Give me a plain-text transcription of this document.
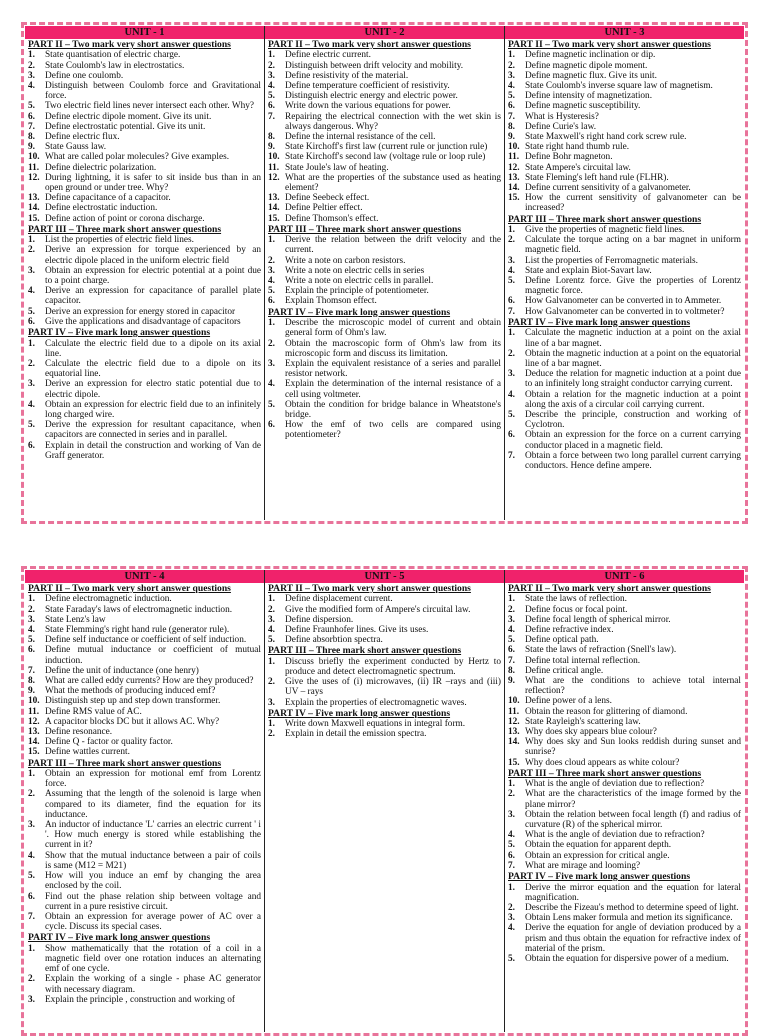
UNIT - 1
PART II – Two mark very short answer questions
1. State quantisation of electric charge.
2. State Coulomb's law in electrostatics.
3. Define one coulomb.
4. Distinguish between Coulomb force and Gravitational force.
5. Two electric field lines never intersect each other. Why?
6. Define electric dipole moment. Give its unit.
7. Define electrostatic potential. Give its unit.
8. Define electric flux.
9. State Gauss law.
10. What are called polar molecules? Give examples.
11. Define dielectric polarization.
12. During lightning, it is safer to sit inside bus than in an open ground or under tree. Why?
13. Define capacitance of a capacitor.
14. Define electrostatic induction.
15. Define action of point or corona discharge.
PART III – Three mark short answer questions
1. List the properties of electric field lines.
2. Derive an expression for torque experienced by an electric dipole placed in the uniform electric field
3. Obtain an expression for electric potential at a point due to a point charge.
4. Derive an expression for capacitance of parallel plate capacitor.
5. Derive an expression for energy stored in capacitor
6. Give the applications and disadvantage of capacitors
PART IV – Five mark long answer questions
1. Calculate the electric field due to a dipole on its axial line.
2. Calculate the electric field due to a dipole on its equatorial line.
3. Derive an expression for electro static potential due to electric dipole.
4. Obtain an expression for electric field due to an infinitely long charged wire.
5. Derive the expression for resultant capacitance, when capacitors are connected in series and in parallel.
6. Explain in detail the construction and working of Van de Graff generator.
UNIT - 2
PART II – Two mark very short answer questions
1. Define electric current.
2. Distinguish between drift velocity and mobility.
3. Define resistivity of the material.
4. Define temperature coefficient of resistivity.
5. Distinguish electric energy and electric power.
6. Write down the various equations for power.
7. Repairing the electrical connection with the wet skin is always dangerous. Why?
8. Define the internal resistance of the cell.
9. State Kirchoff's first law (current rule or junction rule)
10. State Kirchoff's second law (voltage rule or loop rule)
11. State Joule's law of heating.
12. What are the properties of the substance used as heating element?
13. Define Seebeck effect.
14. Define Peltier effect.
15. Define Thomson's effect.
PART III – Three mark short answer questions
1. Derive the relation between the drift velocity and the current.
2. Write a note on carbon resistors.
3. Write a note on electric cells in series
4. Write a note on electric cells in parallel.
5. Explain the principle of potentiometer.
6. Explain Thomson effect.
PART IV – Five mark long answer questions
1. Describe the microscopic model of current and obtain general form of Ohm's law.
2. Obtain the macroscopic form of Ohm's law from its microscopic form and discuss its limitation.
3. Explain the equivalent resistance of a series and parallel resistor network.
4. Explain the determination of the internal resistance of a cell using voltmeter.
5. Obtain the condition for bridge balance in Wheatstone's bridge.
6. How the emf of two cells are compared using potentiometer?
UNIT - 3
PART II – Two mark very short answer questions
1. Define magnetic inclination or dip.
2. Define magnetic dipole moment.
3. Define magnetic flux. Give its unit.
4. State Coulomb's inverse square law of magnetism.
5. Define intensity of magnetization.
6. Define magnetic susceptibility.
7. What is Hysteresis?
8. Define Curie's law.
9. State Maxwell's right hand cork screw rule.
10. State right hand thumb rule.
11. Define Bohr magneton.
12. State Ampere's circuital law.
13. State Fleming's left hand rule (FLHR).
14. Define current sensitivity of a galvanometer.
15. How the current sensitivity of galvanometer can be increased?
PART III – Three mark short answer questions
1. Give the properties of magnetic field lines.
2. Calculate the torque acting on a bar magnet in uniform magnetic field.
3. List the properties of Ferromagnetic materials.
4. State and explain Biot-Savart law.
5. Define Lorentz force. Give the properties of Lorentz magnetic force.
6. How Galvanometer can be converted in to Ammeter.
7. How Galvanometer can be converted in to voltmeter?
PART IV – Five mark long answer questions
1. Calculate the magnetic induction at a point on the axial line of a bar magnet.
2. Obtain the magnetic induction at a point on the equatorial line of a bar magnet.
3. Deduce the relation for magnetic induction at a point due to an infinitely long straight conductor carrying current.
4. Obtain a relation for the magnetic induction at a point along the axis of a circular coil carrying current.
5. Describe the principle, construction and working of Cyclotron.
6. Obtain an expression for the force on a current carrying conductor placed in a magnetic field.
7. Obtain a force between two long parallel current carrying conductors. Hence define ampere.
UNIT - 4
PART II – Two mark very short answer questions
1. Define electromagnetic induction.
2. State Faraday's laws of electromagnetic induction.
3. State Lenz's law
4. State Flemming's right hand rule (generator rule).
5. Define self inductance or coefficient of self induction.
6. Define mutual inductance or coefficient of mutual induction.
7. Define the unit of inductance (one henry)
8. What are called eddy currents? How are they produced?
9. What the methods of producing induced emf?
10. Distinguish step up and step down transformer.
11. Define RMS value of AC.
12. A capacitor blocks DC but it allows AC. Why?
13. Define resonance.
14. Define Q - factor or quality factor.
15. Define wattles current.
PART III – Three mark short answer questions
1. Obtain an expression for motional emf from Lorentz force.
2. Assuming that the length of the solenoid is large when compared to its diameter, find the equation for its inductance.
3. An inductor of inductance 'L' carries an electric current ' i '. How much energy is stored while establishing the current in it?
4. Show that the mutual inductance between a pair of coils is same (M12 = M21)
5. How will you induce an emf by changing the area enclosed by the coil.
6. Find out the phase relation ship between voltage and current in a pure resistive circuit.
7. Obtain an expression for average power of AC over a cycle. Discuss its special cases.
PART IV – Five mark long answer questions
1. Show mathematically that the rotation of a coil in a magnetic field over one rotation induces an alternating emf of one cycle.
2. Explain the working of a single - phase AC generator with necessary diagram.
3. Explain the principle , construction and working of
UNIT - 5
PART II – Two mark very short answer questions
1. Define displacement current.
2. Give the modified form of Ampere's circuital law.
3. Define dispersion.
4. Define Fraunhofer lines. Give its uses.
5. Define absorbtion spectra.
PART III – Three mark short answer questions
1. Discuss briefly the experiment conducted by Hertz to produce and detect electromagnetic spectrum.
2. Give the uses of (i) microwaves, (ii) IR –rays and (iii) UV – rays
3. Explain the properties of electromagnetic waves.
PART IV – Five mark long answer questions
1. Write down Maxwell equations in integral form.
2. Explain in detail the emission spectra.
UNIT - 6
PART II – Two mark very short answer questions
1. State the laws of reflection.
2. Define focus or focal point.
3. Define focal length of spherical mirror.
4. Define refractive index.
5. Define optical path.
6. State the laws of refraction (Snell's law).
7. Define total internal reflection.
8. Define critical angle.
9. What are the conditions to achieve total internal reflection?
10. Define power of a lens.
11. Obtain the reason for glittering of diamond.
12. State Rayleigh's scattering law.
13. Why does sky appears blue colour?
14. Why does sky and Sun looks reddish during sunset and sunrise?
15. Why does cloud appears as white colour?
PART III – Three mark short answer questions
1. What is the angle of deviation due to reflection?
2. What are the characteristics of the image formed by the plane mirror?
3. Obtain the relation between focal length (f) and radius of curvature (R) of the spherical mirror.
4. What is the angle of deviation due to refraction?
5. Obtain the equation for apparent depth.
6. Obtain an expression for critical angle.
7. What are mirage and looming?
PART IV – Five mark long answer questions
1. Derive the mirror equation and the equation for lateral magnification.
2. Describe the Fizeau's method to determine speed of light.
3. Obtain Lens maker formula and metion its significance.
4. Derive the equation for angle of deviation produced by a prism and thus obtain the equation for refractive index of material of the prism.
5. Obtain the equation for dispersive power of a medium.
